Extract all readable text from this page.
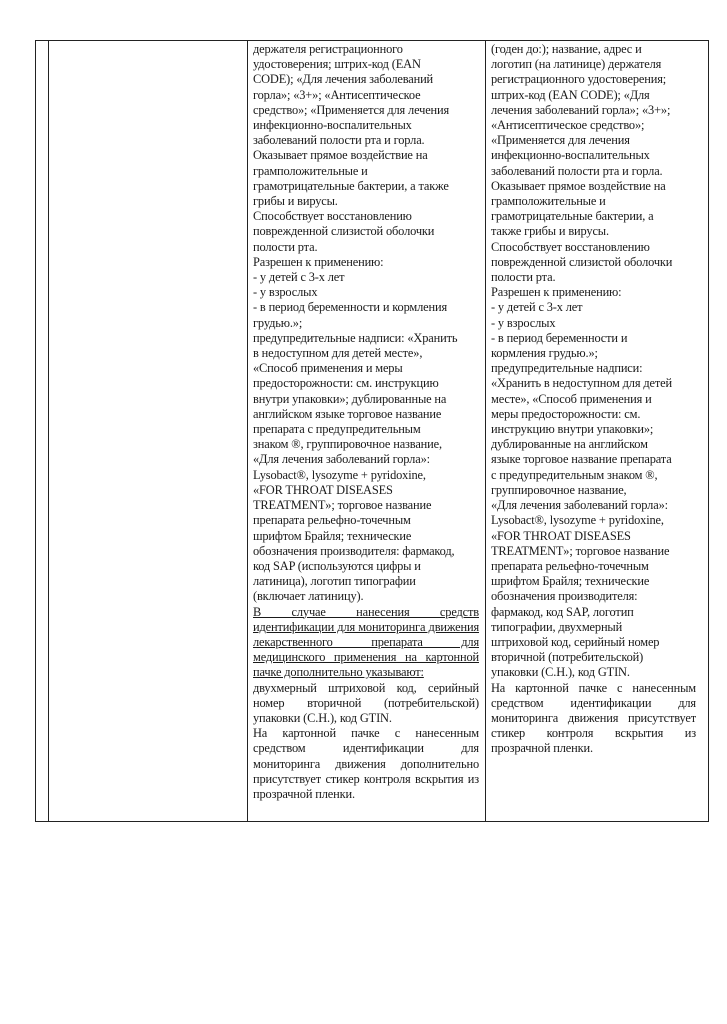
держателя регистрационного
удостоверения; штрих-код (EAN
CODE); «Для лечения заболеваний
горла»; «3+»; «Антисептическое
средство»; «Применяется для лечения
инфекционно-воспалительных
заболеваний полости рта и горла.
Оказывает прямое воздействие на
грамположительные и
грамотрицательные бактерии, а также
грибы и вирусы.
Способствует восстановлению
поврежденной слизистой оболочки
полости рта.
Разрешен к применению:
- у детей с 3-х лет
- у взрослых
- в период беременности и кормления
грудью.»;
предупредительные надписи: «Хранить
в недоступном для детей месте»,
«Способ применения и меры
предосторожности: см. инструкцию
внутри упаковки»; дублированные на
английском языке торговое название
препарата с предупредительным
знаком ®, группировочное название,
«Для лечения заболеваний горла»:
Lysobact®, lysozyme + pyridoxine,
«FOR THROAT DISEASES
TREATMENT»; торговое название
препарата рельефно-точечным
шрифтом Брайля; технические
обозначения производителя: фармакод,
код SAP (используются цифры и
латиница), логотип типографии
(включает латиницу).

В случае нанесения средств идентификации для мониторинга движения лекарственного препарата для медицинского применения на картонной пачке дополнительно указывают:

двухмерный штриховой код, серийный номер вторичной (потребительской) упаковки (С.Н.), код GTIN.

На картонной пачке с нанесенным средством идентификации для мониторинга движения дополнительно присутствует стикер контроля вскрытия из прозрачной пленки.

(годен до:); название, адрес и
логотип (на латинице) держателя
регистрационного удостоверения;
штрих-код (EAN CODE); «Для
лечения заболеваний горла»; «3+»;
«Антисептическое средство»;
«Применяется для лечения
инфекционно-воспалительных
заболеваний полости рта и горла.
Оказывает прямое воздействие на
грамположительные и
грамотрицательные бактерии, а
также грибы и вирусы.
Способствует восстановлению
поврежденной слизистой оболочки
полости рта.
Разрешен к применению:
- у детей с 3-х лет
- у взрослых
- в период беременности и
кормления грудью.»;
предупредительные надписи:
«Хранить в недоступном для детей
месте», «Способ применения и
меры предосторожности: см.
инструкцию внутри упаковки»;
дублированные на английском
языке торговое название препарата
с предупредительным знаком ®,
группировочное название,
«Для лечения заболеваний горла»:
Lysobact®, lysozyme + pyridoxine,
«FOR THROAT DISEASES
TREATMENT»; торговое название
препарата рельефно-точечным
шрифтом Брайля; технические
обозначения производителя:
фармакод, код SAP, логотип
типографии, двухмерный
штриховой код, серийный номер
вторичной (потребительской)
упаковки (С.Н.), код GTIN.

На картонной пачке с нанесенным средством идентификации для мониторинга движения присутствует стикер контроля вскрытия из прозрачной пленки.
